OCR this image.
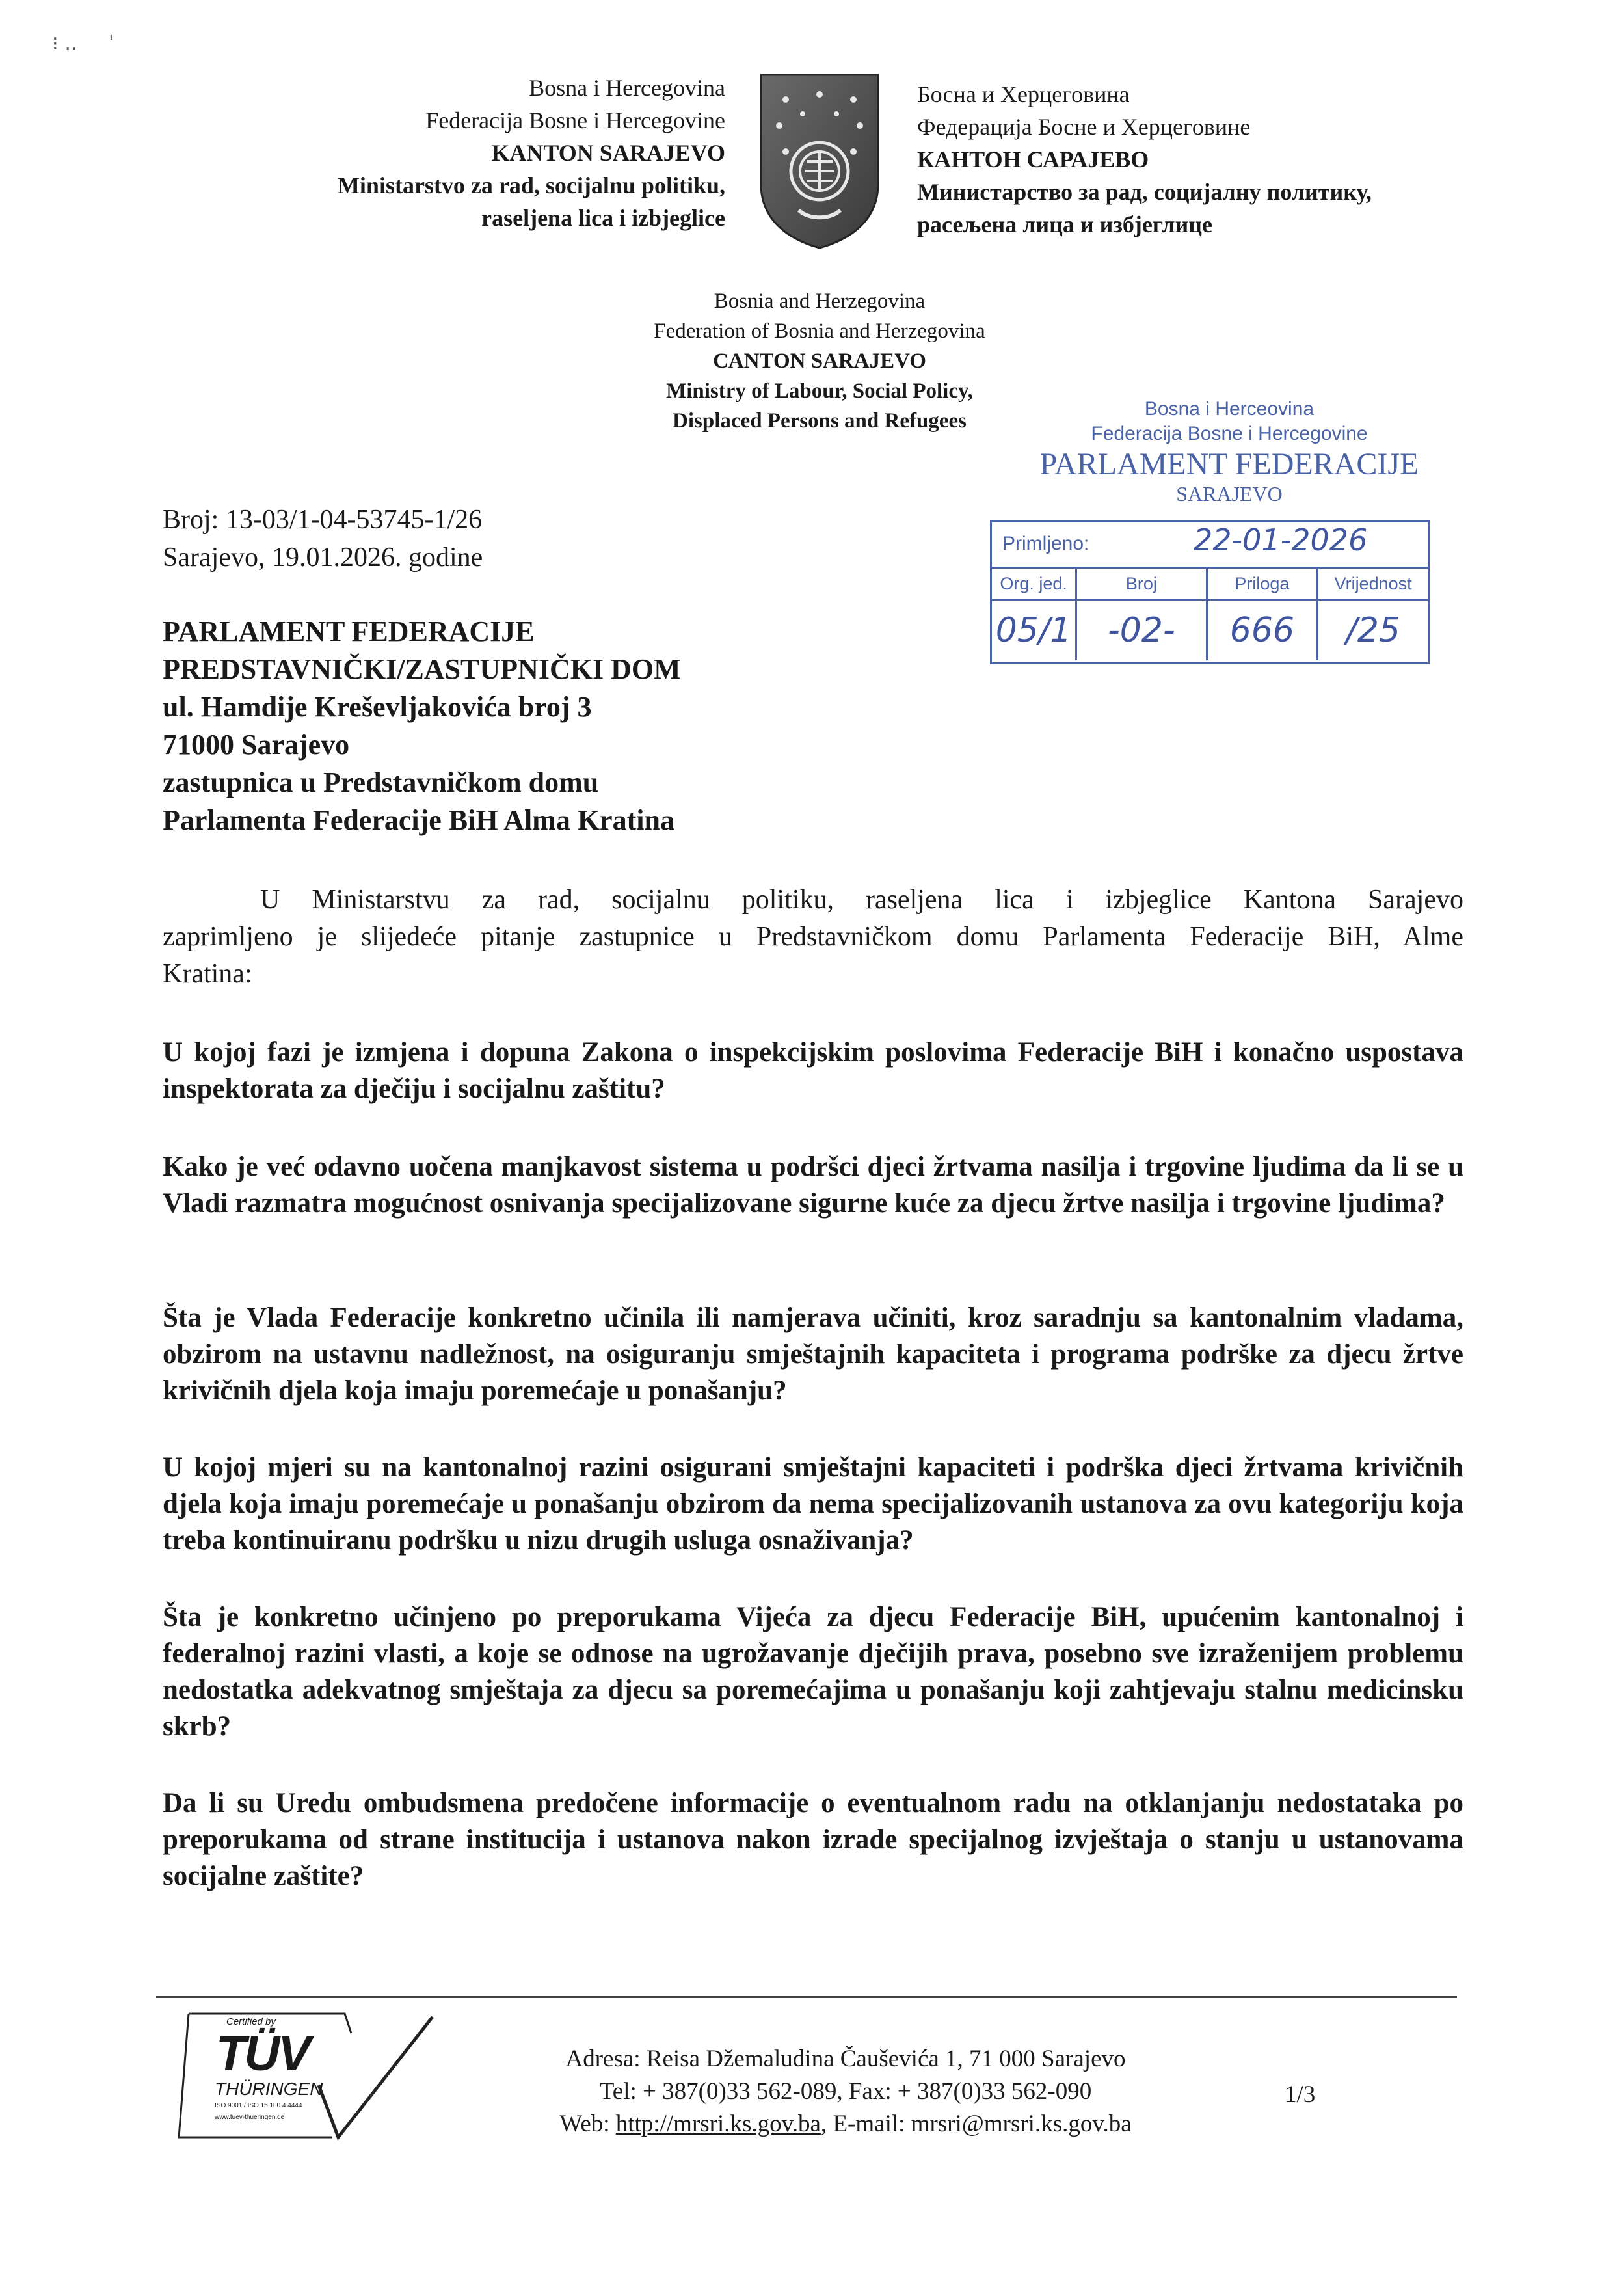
⁝ ‥     ˈ
Bosna i Hercegovina
Federacija Bosne i Hercegovine
KANTON SARAJEVO
Ministarstvo za rad, socijalnu politiku,
raseljena lica i izbjeglice
Босна и Херцеговина
Федерација Босне и Херцеговине
КАНТОН САРАЈЕВО
Министарство за рад, социјалну политику,
расељена лица и избјеглице
Bosnia and Herzegovina
Federation of Bosnia and Herzegovina
CANTON SARAJEVO
Ministry of Labour, Social Policy,
Displaced Persons and Refugees
Bosna i Herceovina
Federacija Bosne i Hercegovine
PARLAMENT FEDERACIJE
SARAJEVO
Primljeno:	22-01-2026
Org. jed.	Broj	Priloga	Vrijednost
05/1	-02-	666	/25
Broj: 13-03/1-04-53745-1/26
Sarajevo, 19.01.2026. godine
PARLAMENT FEDERACIJE
PREDSTAVNIČKI/ZASTUPNIČKI DOM
ul. Hamdije Kreševljakovića broj 3
71000 Sarajevo
zastupnica u Predstavničkom domu
Parlamenta Federacije BiH Alma Kratina

U Ministarstvu za rad, socijalnu politiku, raseljena lica i izbjeglice Kantona Sarajevo

zaprimljeno je slijedeće pitanje zastupnice u Predstavničkom domu Parlamenta Federacije BiH, Alme

Kratina:

U kojoj fazi je izmjena i dopuna Zakona o inspekcijskim poslovima Federacije BiH i konačno uspostava inspektorata za dječiju i socijalnu zaštitu?
Kako je već odavno uočena manjkavost sistema u podršci djeci žrtvama nasilja i trgovine ljudima da li se u Vladi razmatra mogućnost osnivanja specijalizovane sigurne kuće za djecu žrtve nasilja i trgovine ljudima?
Šta je Vlada Federacije konkretno učinila ili namjerava učiniti, kroz saradnju sa kantonalnim vladama, obzirom na ustavnu nadležnost, na osiguranju smještajnih kapaciteta i programa podrške za djecu žrtve krivičnih djela koja imaju poremećaje u ponašanju?
U kojoj mjeri su na kantonalnoj razini osigurani smještajni kapaciteti i podrška djeci žrtvama krivičnih djela koja imaju poremećaje u ponašanju obzirom da nema specijalizovanih ustanova za ovu kategoriju koja treba kontinuiranu podršku u nizu drugih usluga osnaživanja?
Šta je konkretno učinjeno po preporukama Vijeća za djecu Federacije BiH, upućenim kantonalnoj i federalnoj razini vlasti, a koje se odnose na ugrožavanje dječijih prava, posebno sve izraženijem problemu nedostatka adekvatnog smještaja za djecu sa poremećajima u ponašanju koji zahtjevaju stalnu medicinsku skrb?
Da li su Uredu ombudsmena predočene informacije o eventualnom radu na otklanjanju nedostataka po preporukama od strane institucija i ustanova nakon izrade specijalnog izvještaja o stanju u ustanovama socijalne zaštite?
Certified by
TÜV
THÜRINGEN
ISO 9001 / ISO 15 100 4.4444
www.tuev-thueringen.de
Adresa: Reisa Džemaludina Čauševića 1, 71 000 Sarajevo
Tel: + 387(0)33 562-089, Fax: + 387(0)33 562-090
Web: http://mrsri.ks.gov.ba, E-mail: mrsri@mrsri.ks.gov.ba
1/3
